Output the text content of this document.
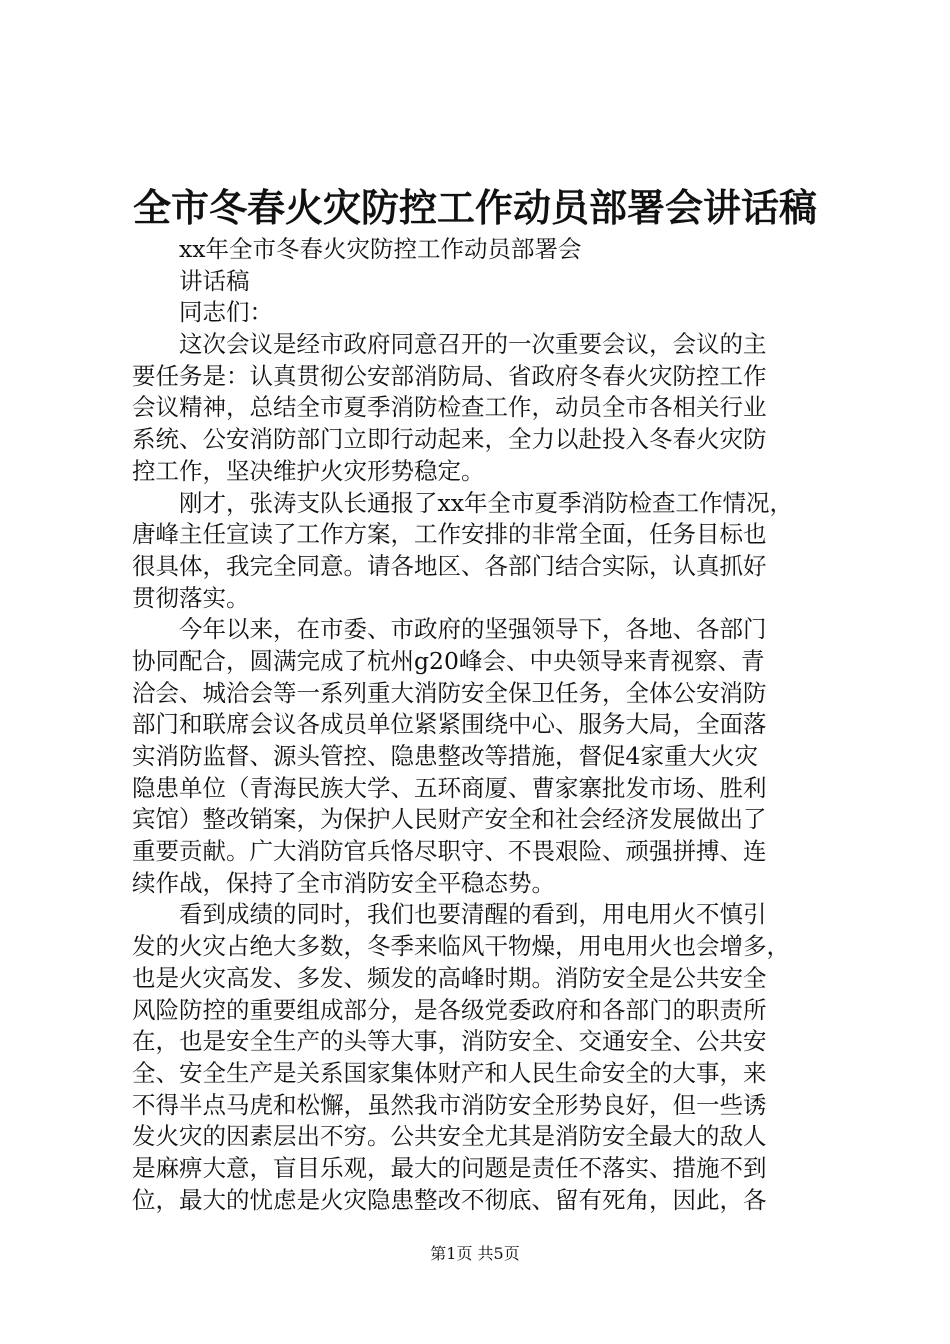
全市冬春火灾防控工作动员部署会讲话稿
xx年全市冬春火灾防控工作动员部署会
讲话稿
同志们：
这次会议是经市政府同意召开的一次重要会议，会议的主
要任务是：认真贯彻公安部消防局、省政府冬春火灾防控工作
会议精神，总结全市夏季消防检查工作，动员全市各相关行业
系统、公安消防部门立即行动起来，全力以赴投入冬春火灾防
控工作，坚决维护火灾形势稳定。
刚才，张涛支队长通报了xx年全市夏季消防检查工作情况，
唐峰主任宣读了工作方案，工作安排的非常全面，任务目标也
很具体，我完全同意。请各地区、各部门结合实际，认真抓好
贯彻落实。
今年以来，在市委、市政府的坚强领导下，各地、各部门
协同配合，圆满完成了杭州g20峰会、中央领导来青视察、青
洽会、城洽会等一系列重大消防安全保卫任务，全体公安消防
部门和联席会议各成员单位紧紧围绕中心、服务大局，全面落
实消防监督、源头管控、隐患整改等措施，督促4家重大火灾
隐患单位（青海民族大学、五环商厦、曹家寨批发市场、胜利
宾馆）整改销案，为保护人民财产安全和社会经济发展做出了
重要贡献。广大消防官兵恪尽职守、不畏艰险、顽强拼搏、连
续作战，保持了全市消防安全平稳态势。
看到成绩的同时，我们也要清醒的看到，用电用火不慎引
发的火灾占绝大多数，冬季来临风干物燥，用电用火也会增多，
也是火灾高发、多发、频发的高峰时期。消防安全是公共安全
风险防控的重要组成部分，是各级党委政府和各部门的职责所
在，也是安全生产的头等大事，消防安全、交通安全、公共安
全、安全生产是关系国家集体财产和人民生命安全的大事，来
不得半点马虎和松懈，虽然我市消防安全形势良好，但一些诱
发火灾的因素层出不穷。公共安全尤其是消防安全最大的敌人
是麻痹大意，盲目乐观，最大的问题是责任不落实、措施不到
位，最大的忧虑是火灾隐患整改不彻底、留有死角，因此，各
第1页 共5页
